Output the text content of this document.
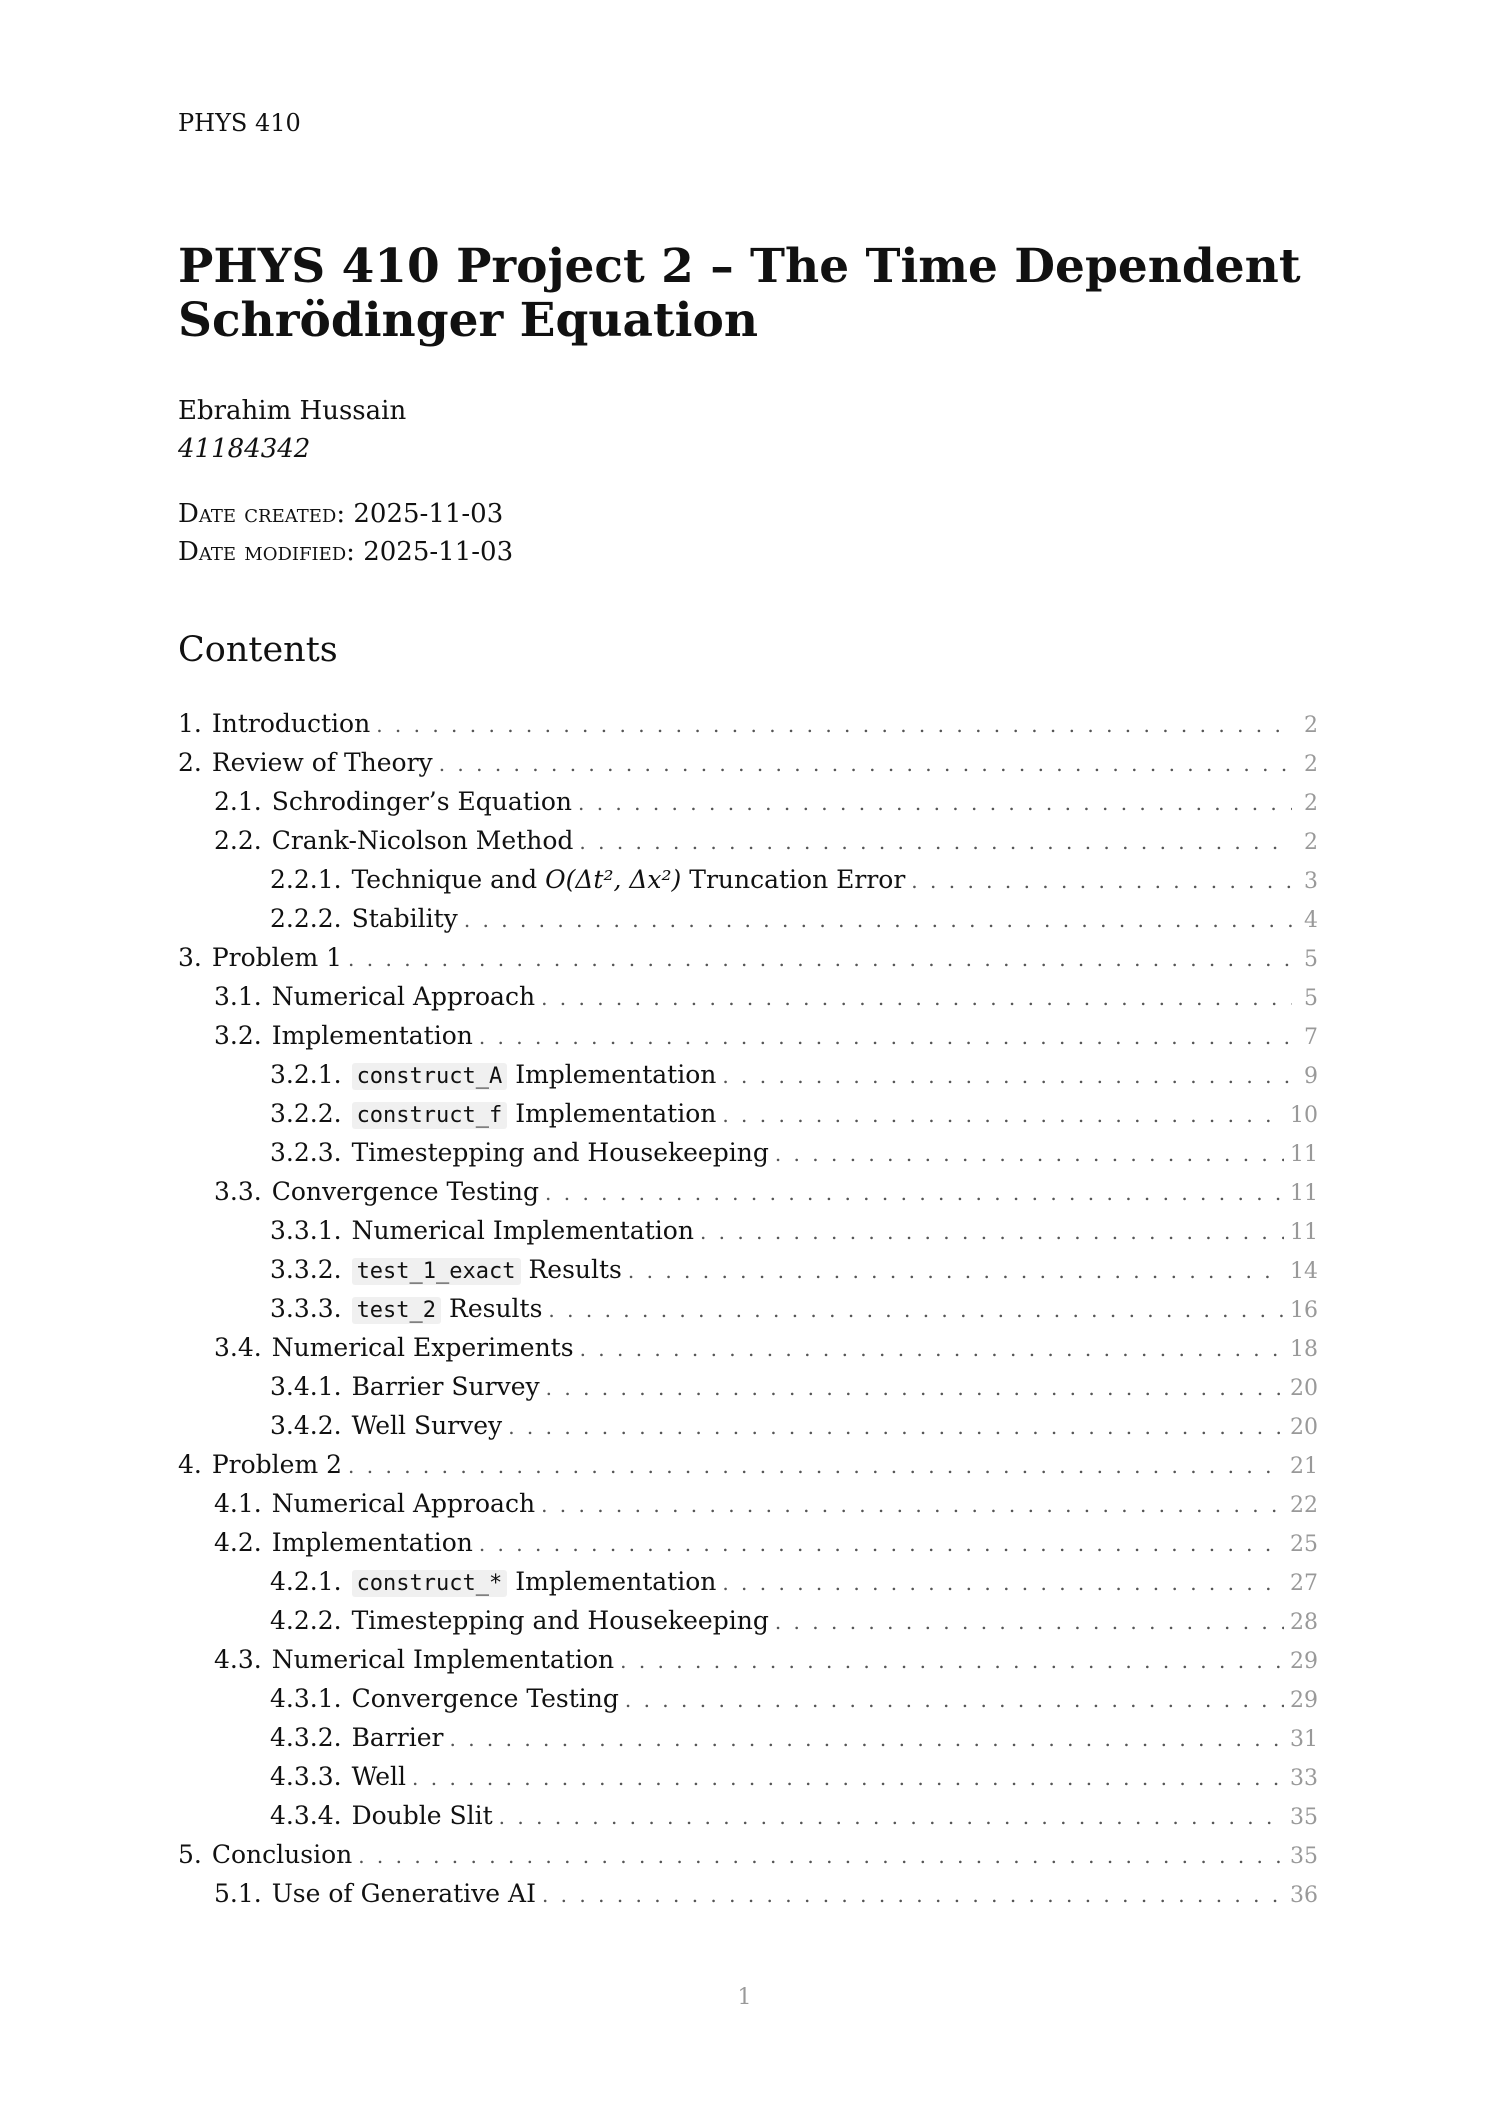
PHYS 410
PHYS 410 Project 2 – The Time Dependent Schrödinger Equation
Ebrahim Hussain
41184342
Date created: 2025-11-03
Date modified: 2025-11-03
Contents
1. Introduction . . .	2
2. Review of Theory . . .	2
2.1. Schrodinger’s Equation . . .	2
2.2. Crank-Nicolson Method . . .	2
2.2.1. Technique and O(Δt², Δx²) Truncation Error . . .	3
2.2.2. Stability . . .	4
3. Problem 1 . . .	5
3.1. Numerical Approach . . .	5
3.2. Implementation . . .	7
3.2.1. construct_A Implementation . . .	9
3.2.2. construct_f Implementation . . .	10
3.2.3. Timestepping and Housekeeping . . .	11
3.3. Convergence Testing . . .	11
3.3.1. Numerical Implementation . . .	11
3.3.2. test_1_exact Results . . .	14
3.3.3. test_2 Results . . .	16
3.4. Numerical Experiments . . .	18
3.4.1. Barrier Survey . . .	20
3.4.2. Well Survey . . .	20
4. Problem 2 . . .	21
4.1. Numerical Approach . . .	22
4.2. Implementation . . .	25
4.2.1. construct_* Implementation . . .	27
4.2.2. Timestepping and Housekeeping . . .	28
4.3. Numerical Implementation . . .	29
4.3.1. Convergence Testing . . .	29
4.3.2. Barrier . . .	31
4.3.3. Well . . .	33
4.3.4. Double Slit . . .	35
5. Conclusion . . .	35
5.1. Use of Generative AI . . .	36
1
